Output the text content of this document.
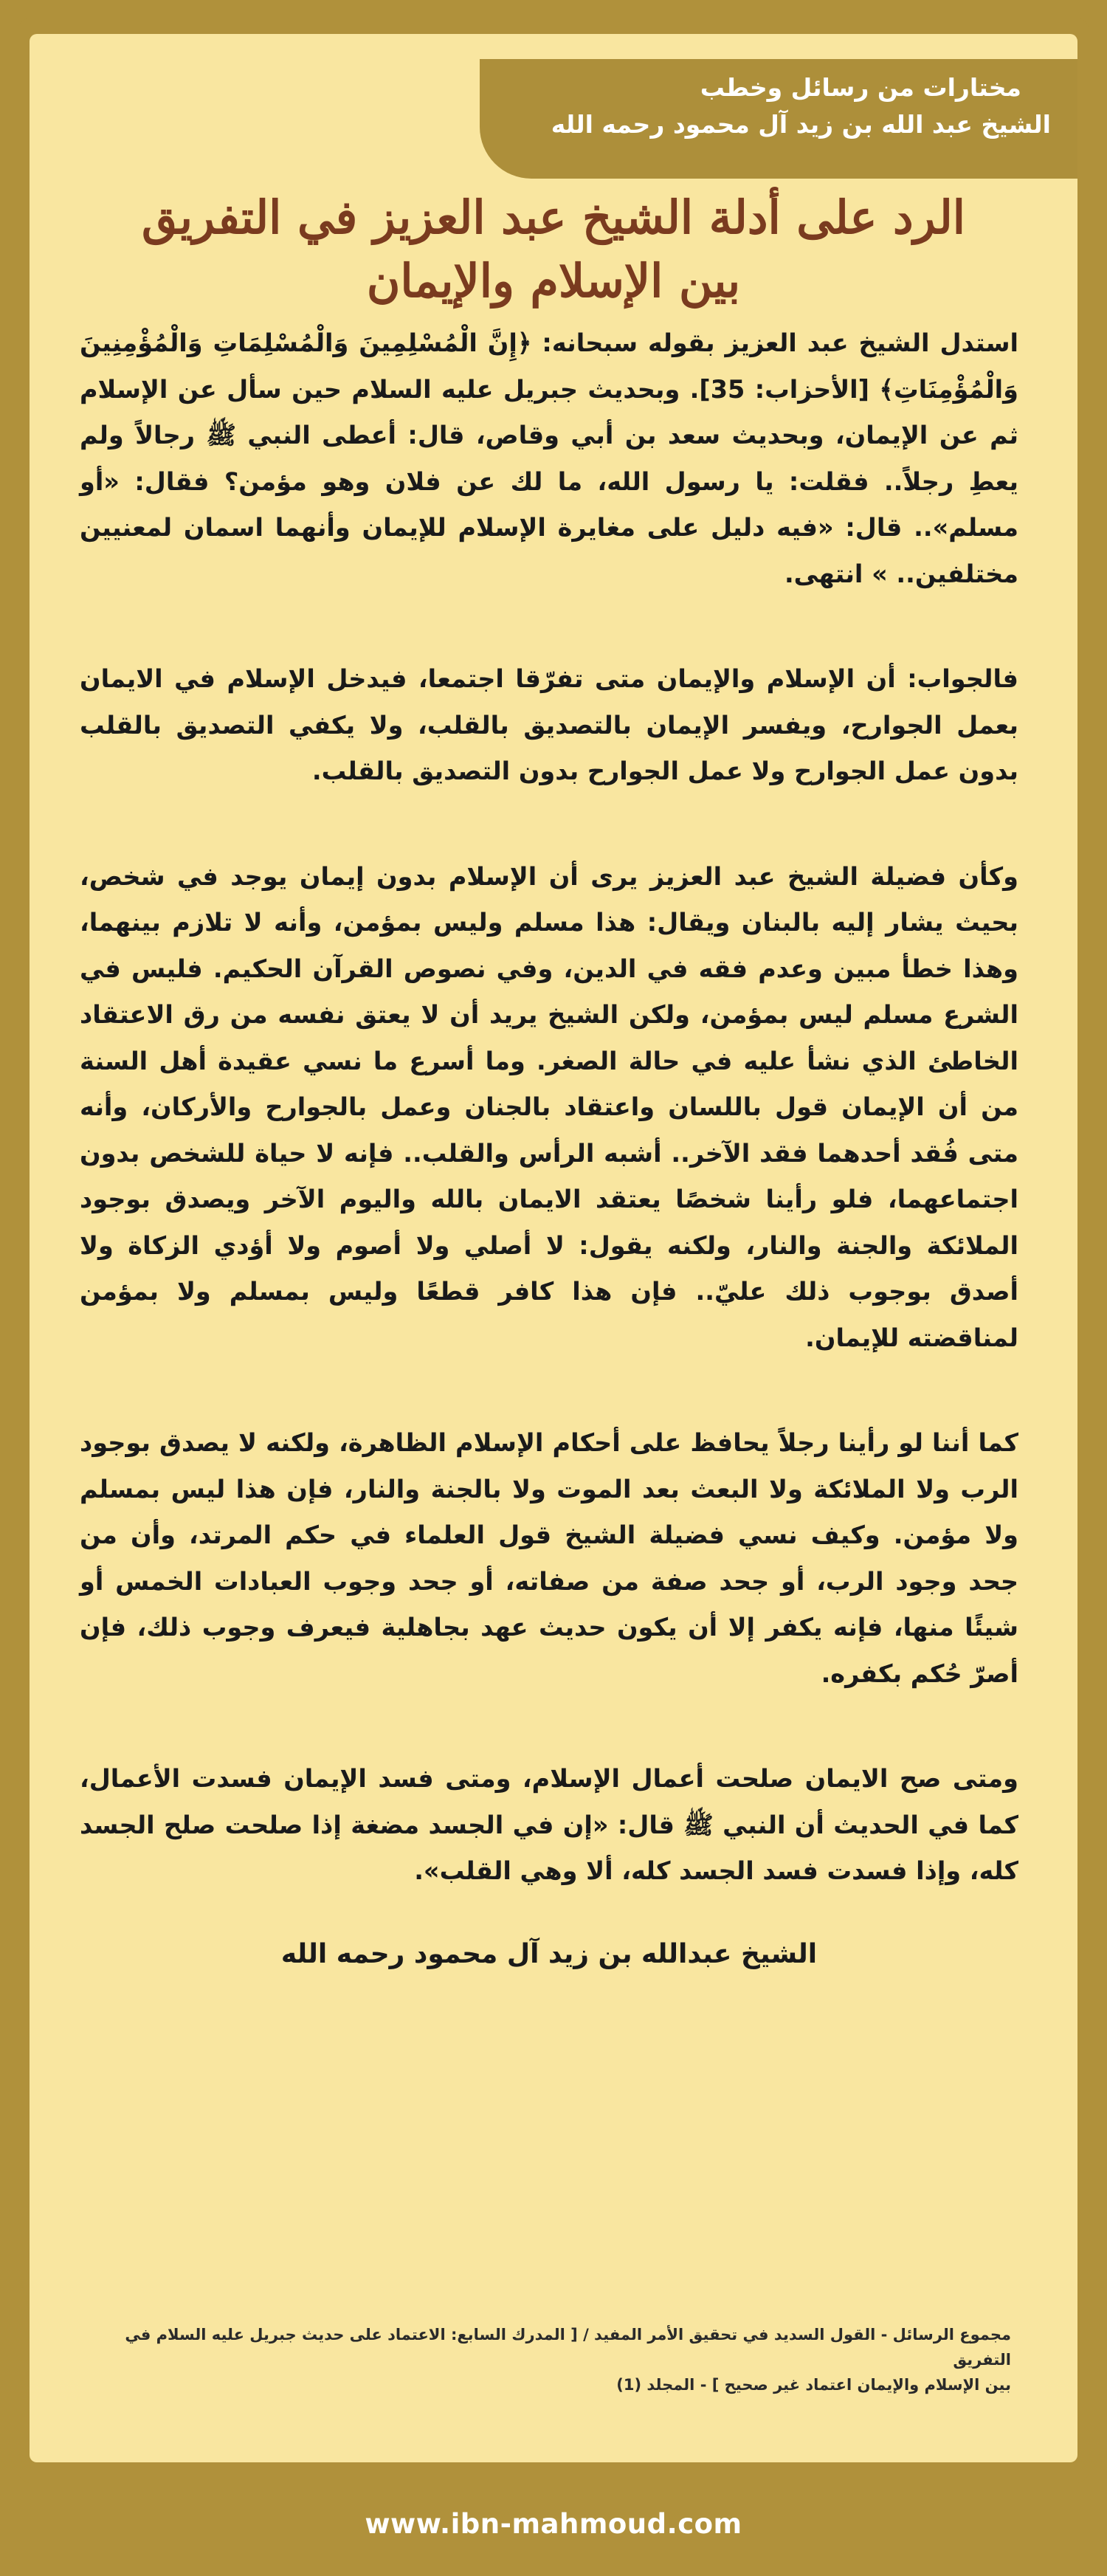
مختارات من رسائل وخطب
الشيخ عبد الله بن زيد آل محمود رحمه الله
الرد على أدلة الشيخ عبد العزيز في التفريق
بين الإسلام والإيمان

استدل الشيخ عبد العزيز بقوله سبحانه: ﴿إِنَّ الْمُسْلِمِينَ وَالْمُسْلِمَاتِ وَالْمُؤْمِنِينَ وَالْمُؤْمِنَاتِ﴾ [الأحزاب: 35]. وبحديث جبريل عليه السلام حين سأل عن الإسلام ثم عن الإيمان، وبحديث سعد بن أبي وقاص، قال: أعطى النبي ﷺ رجالاً ولم يعطِ رجلاً.. فقلت: يا رسول الله، ما لك عن فلان وهو مؤمن؟ فقال: «أو مسلم».. قال: «فيه دليل على مغايرة الإسلام للإيمان وأنهما اسمان لمعنيين مختلفين.. » انتهى.

فالجواب: أن الإسلام والإيمان متى تفرّقا اجتمعا، فيدخل الإسلام في الايمان بعمل الجوارح، ويفسر الإيمان بالتصديق بالقلب، ولا يكفي التصديق بالقلب بدون عمل الجوارح ولا عمل الجوارح بدون التصديق بالقلب.

وكأن فضيلة الشيخ عبد العزيز يرى أن الإسلام بدون إيمان يوجد في شخص، بحيث يشار إليه بالبنان ويقال: هذا مسلم وليس بمؤمن، وأنه لا تلازم بينهما، وهذا خطأ مبين وعدم فقه في الدين، وفي نصوص القرآن الحكيم. فليس في الشرع مسلم ليس بمؤمن، ولكن الشيخ يريد أن لا يعتق نفسه من رق الاعتقاد الخاطئ الذي نشأ عليه في حالة الصغر. وما أسرع ما نسي عقيدة أهل السنة من أن الإيمان قول باللسان واعتقاد بالجنان وعمل بالجوارح والأركان، وأنه متى فُقد أحدهما فقد الآخر.. أشبه الرأس والقلب.. فإنه لا حياة للشخص بدون اجتماعهما، فلو رأينا شخصًا يعتقد الايمان بالله واليوم الآخر ويصدق بوجود الملائكة والجنة والنار، ولكنه يقول: لا أصلي ولا أصوم ولا أؤدي الزكاة ولا أصدق بوجوب ذلك عليّ.. فإن هذا كافر قطعًا وليس بمسلم ولا بمؤمن لمناقضته للإيمان.

كما أننا لو رأينا رجلاً يحافظ على أحكام الإسلام الظاهرة، ولكنه لا يصدق بوجود الرب ولا الملائكة ولا البعث بعد الموت ولا بالجنة والنار، فإن هذا ليس بمسلم ولا مؤمن. وكيف نسي فضيلة الشيخ قول العلماء في حكم المرتد، وأن من جحد وجود الرب، أو جحد صفة من صفاته، أو جحد وجوب العبادات الخمس أو شيئًا منها، فإنه يكفر إلا أن يكون حديث عهد بجاهلية فيعرف وجوب ذلك، فإن أصرّ حُكم بكفره.

ومتى صح الايمان صلحت أعمال الإسلام، ومتى فسد الإيمان فسدت الأعمال، كما في الحديث أن النبي ﷺ قال: «إن في الجسد مضغة إذا صلحت صلح الجسد كله، وإذا فسدت فسد الجسد كله، ألا وهي القلب».

الشيخ عبدالله بن زيد آل محمود رحمه الله

مجموع الرسائل - القول السديد في تحقيق الأمر المفيد / [ المدرك السابع: الاعتماد على حديث جبريل عليه السلام في التفريق
بين الإسلام والإيمان اعتماد غير صحيح ] - المجلد (1)
www.ibn-mahmoud.com
